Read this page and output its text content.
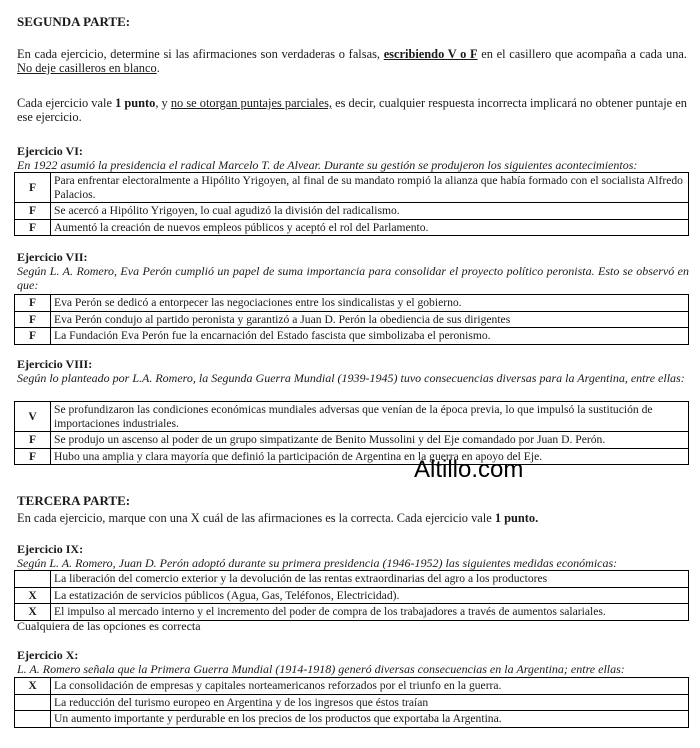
SEGUNDA PARTE:
En cada ejercicio, determine si las afirmaciones son verdaderas o falsas, escribiendo V o F en el casillero que acompaña a cada una. No deje casilleros en blanco.
Cada ejercicio vale 1 punto, y no se otorgan puntajes parciales, es decir, cualquier respuesta incorrecta implicará no obtener puntaje en ese ejercicio.
Ejercicio VI:
En 1922 asumió la presidencia el radical Marcelo T. de Alvear. Durante su gestión se produjeron los siguientes acontecimientos:
F	Para enfrentar electoralmente a Hipólito Yrigoyen, al final de su mandato rompió la alianza que había formado con el socialista Alfredo Palacios.
F	Se acercó a Hipólito Yrigoyen, lo cual agudizó la división del radicalismo.
F	Aumentó la creación de nuevos empleos públicos y aceptó el rol del Parlamento.
Ejercicio VII:
Según L. A. Romero, Eva Perón cumplió un papel de suma importancia para consolidar el proyecto político peronista. Esto se observó en que:
F	Eva Perón se dedicó a entorpecer las negociaciones entre los sindicalistas y el gobierno.
F	Eva Perón condujo al partido peronista y garantizó a Juan D. Perón la obediencia de sus dirigentes
F	La Fundación Eva Perón fue la encarnación del Estado fascista que simbolizaba el peronismo.
Ejercicio VIII:
Según lo planteado por L.A. Romero, la Segunda Guerra Mundial (1939-1945) tuvo consecuencias diversas para la Argentina, entre ellas:
V	Se profundizaron las condiciones económicas mundiales adversas que venían de la época previa, lo que impulsó la sustitución de importaciones industriales.
F	Se produjo un ascenso al poder de un grupo simpatizante de Benito Mussolini y del Eje comandado por Juan D. Perón.
F	Hubo una amplia y clara mayoría que definió la participación de Argentina en la guerra en apoyo del Eje.
Altillo.com
TERCERA PARTE:
En cada ejercicio, marque con una X cuál de las afirmaciones es la correcta. Cada ejercicio vale 1 punto.
Ejercicio IX:
Según L. A. Romero, Juan D. Perón adoptó durante su primera presidencia (1946-1952) las siguientes medidas económicas:
	La liberación del comercio exterior y la devolución de las rentas extraordinarias del agro a los productores
X	La estatización de servicios públicos (Agua, Gas, Teléfonos, Electricidad).
X	El impulso al mercado interno y el incremento del poder de compra de los trabajadores a través de aumentos salariales.
Cualquiera de las opciones es correcta
Ejercicio X:
L. A. Romero señala que la Primera Guerra Mundial (1914-1918) generó diversas consecuencias en la Argentina; entre ellas:
X	La consolidación de empresas y capitales norteamericanos reforzados por el triunfo en la guerra.
	La reducción del turismo europeo en Argentina y de los ingresos que éstos traían
	Un aumento importante y perdurable en los precios de los productos que exportaba la Argentina.
